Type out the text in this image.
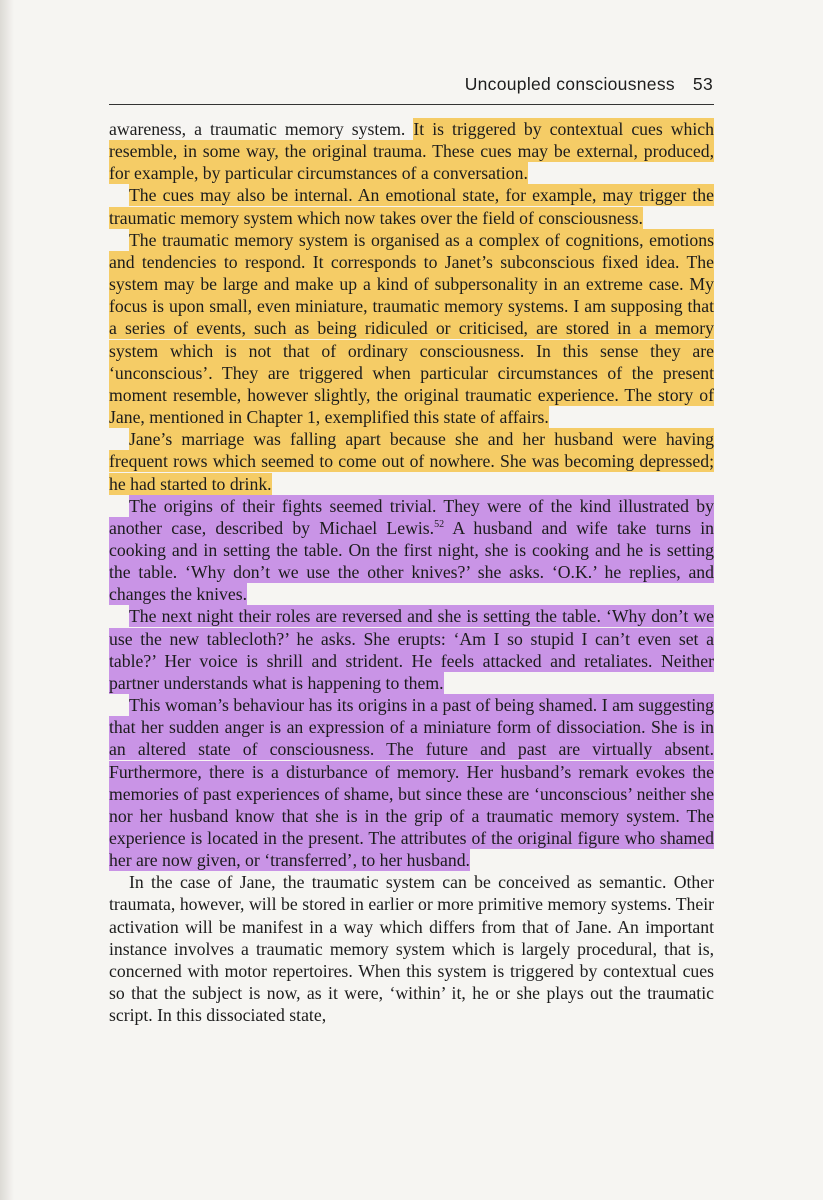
Uncoupled consciousness 53

awareness, a traumatic memory system. It is triggered by contextual cues which resemble, in some way, the original trauma. These cues may be external, produced, for example, by particular circumstances of a conversation.

The cues may also be internal. An emotional state, for example, may trigger the traumatic memory system which now takes over the field of consciousness.

The traumatic memory system is organised as a complex of cognitions, emotions and tendencies to respond. It corresponds to Janet’s subconscious fixed idea. The system may be large and make up a kind of subpersonality in an extreme case. My focus is upon small, even miniature, traumatic memory systems. I am supposing that a series of events, such as being ridiculed or criticised, are stored in a memory system which is not that of ordinary consciousness. In this sense they are ‘unconscious’. They are triggered when particular circumstances of the present moment resemble, however slightly, the original traumatic experience. The story of Jane, mentioned in Chapter 1, exemplified this state of affairs.

Jane’s marriage was falling apart because she and her husband were having frequent rows which seemed to come out of nowhere. She was becoming depressed; he had started to drink.

The origins of their fights seemed trivial. They were of the kind illustrated by another case, described by Michael Lewis.$^{52}$ A husband and wife take turns in cooking and in setting the table. On the first night, she is cooking and he is setting the table. ‘Why don’t we use the other knives?’ she asks. ‘O.K.’ he replies, and changes the knives.

The next night their roles are reversed and she is setting the table. ‘Why don’t we use the new tablecloth?’ he asks. She erupts: ‘Am I so stupid I can’t even set a table?’ Her voice is shrill and strident. He feels attacked and retaliates. Neither partner understands what is happening to them.

This woman’s behaviour has its origins in a past of being shamed. I am suggesting that her sudden anger is an expression of a miniature form of dissociation. She is in an altered state of consciousness. The future and past are virtually absent. Furthermore, there is a disturbance of memory. Her husband’s remark evokes the memories of past experiences of shame, but since these are ‘unconscious’ neither she nor her husband know that she is in the grip of a traumatic memory system. The experience is located in the present. The attributes of the original figure who shamed her are now given, or ‘transferred’, to her husband.

In the case of Jane, the traumatic system can be conceived as semantic. Other traumata, however, will be stored in earlier or more primitive memory systems. Their activation will be manifest in a way which differs from that of Jane. An important instance involves a traumatic memory system which is largely procedural, that is, concerned with motor repertoires. When this system is triggered by contextual cues so that the subject is now, as it were, ‘within’ it, he or she plays out the traumatic script. In this dissociated state,
